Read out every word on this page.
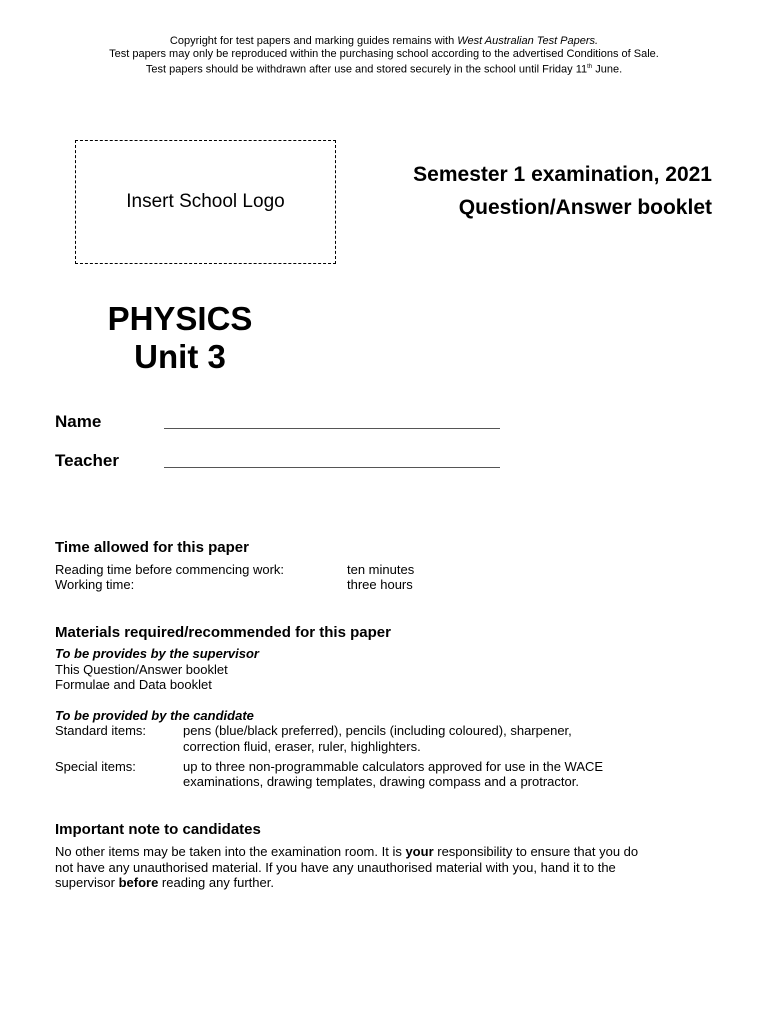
Copyright for test papers and marking guides remains with West Australian Test Papers.
Test papers may only be reproduced within the purchasing school according to the advertised Conditions of Sale.
Test papers should be withdrawn after use and stored securely in the school until Friday 11th June.
Insert School Logo
Semester 1 examination, 2021
Question/Answer booklet
PHYSICS
Unit 3
Name
Teacher
Time allowed for this paper
Reading time before commencing work:	ten minutes
Working time:	three hours
Materials required/recommended for this paper
To be provides by the supervisor
This Question/Answer booklet
Formulae and Data booklet
To be provided by the candidate
Standard items:	pens (blue/black preferred), pencils (including coloured), sharpener,
correction fluid, eraser, ruler, highlighters.
Special items:	up to three non-programmable calculators approved for use in the WACE
examinations, drawing templates, drawing compass and a protractor.
Important note to candidates
No other items may be taken into the examination room. It is your responsibility to ensure that you do
not have any unauthorised material. If you have any unauthorised material with you, hand it to the
supervisor before reading any further.
